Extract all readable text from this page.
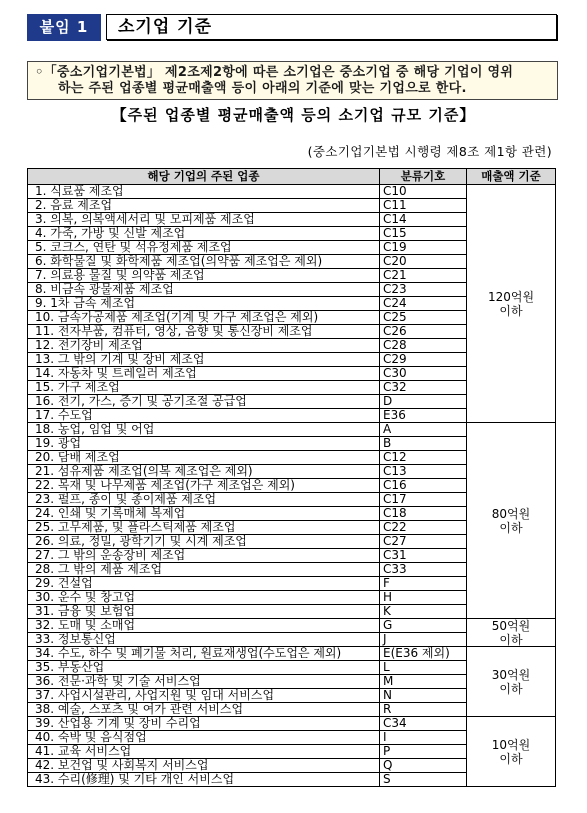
붙임 1	소기업 기준
◦「중소기업기본법」 제2조제2항에 따른 소기업은 중소기업 중 해당 기업이 영위
하는 주된 업종별 평균매출액 등이 아래의 기준에 맞는 기업으로 한다.
【주된 업종별 평균매출액 등의 소기업 규모 기준】
(중소기업기본법 시행령 제8조 제1항 관련)
해당 기업의 주된 업종	분류기호	매출액 기준
1. 식료품 제조업	C10
2. 음료 제조업	C11
3. 의복, 의복액세서리 및 모피제품 제조업	C14
4. 가죽, 가방 및 신발 제조업	C15
5. 코크스, 연탄 및 석유정제품 제조업	C19
6. 화학물질 및 화학제품 제조업(의약품 제조업은 제외)	C20
7. 의료용 물질 및 의약품 제조업	C21
8. 비금속 광물제품 제조업	C23
9. 1차 금속 제조업	C24
10. 금속가공제품 제조업(기계 및 가구 제조업은 제외)	C25
11. 전자부품, 컴퓨터, 영상, 음향 및 통신장비 제조업	C26
12. 전기장비 제조업	C28
13. 그 밖의 기계 및 장비 제조업	C29
14. 자동차 및 트레일러 제조업	C30
15. 가구 제조업	C32
16. 전기, 가스, 증기 및 공기조절 공급업	D
17. 수도업	E36
120억원
이하
18. 농업, 임업 및 어업	A
19. 광업	B
20. 담배 제조업	C12
21. 섬유제품 제조업(의복 제조업은 제외)	C13
22. 목재 및 나무제품 제조업(가구 제조업은 제외)	C16
23. 펄프, 종이 및 종이제품 제조업	C17
24. 인쇄 및 기록매체 복제업	C18
25. 고무제품, 및 플라스틱제품 제조업	C22
26. 의료, 정밀, 광학기기 및 시계 제조업	C27
27. 그 밖의 운송장비 제조업	C31
28. 그 밖의 제품 제조업	C33
29. 건설업	F
30. 운수 및 창고업	H
31. 금융 및 보험업	K
80억원
이하
32. 도매 및 소매업	G
33. 정보통신업	J
50억원
이하
34. 수도, 하수 및 폐기물 처리, 원료재생업(수도업은 제외)	E(E36 제외)
35. 부동산업	L
36. 전문·과학 및 기술 서비스업	M
37. 사업시설관리, 사업지원 및 임대 서비스업	N
38. 예술, 스포츠 및 여가 관련 서비스업	R
30억원
이하
39. 산업용 기계 및 장비 수리업	C34
40. 숙박 및 음식점업	I
41. 교육 서비스업	P
42. 보건업 및 사회복지 서비스업	Q
43. 수리(修理) 및 기타 개인 서비스업	S
10억원
이하
